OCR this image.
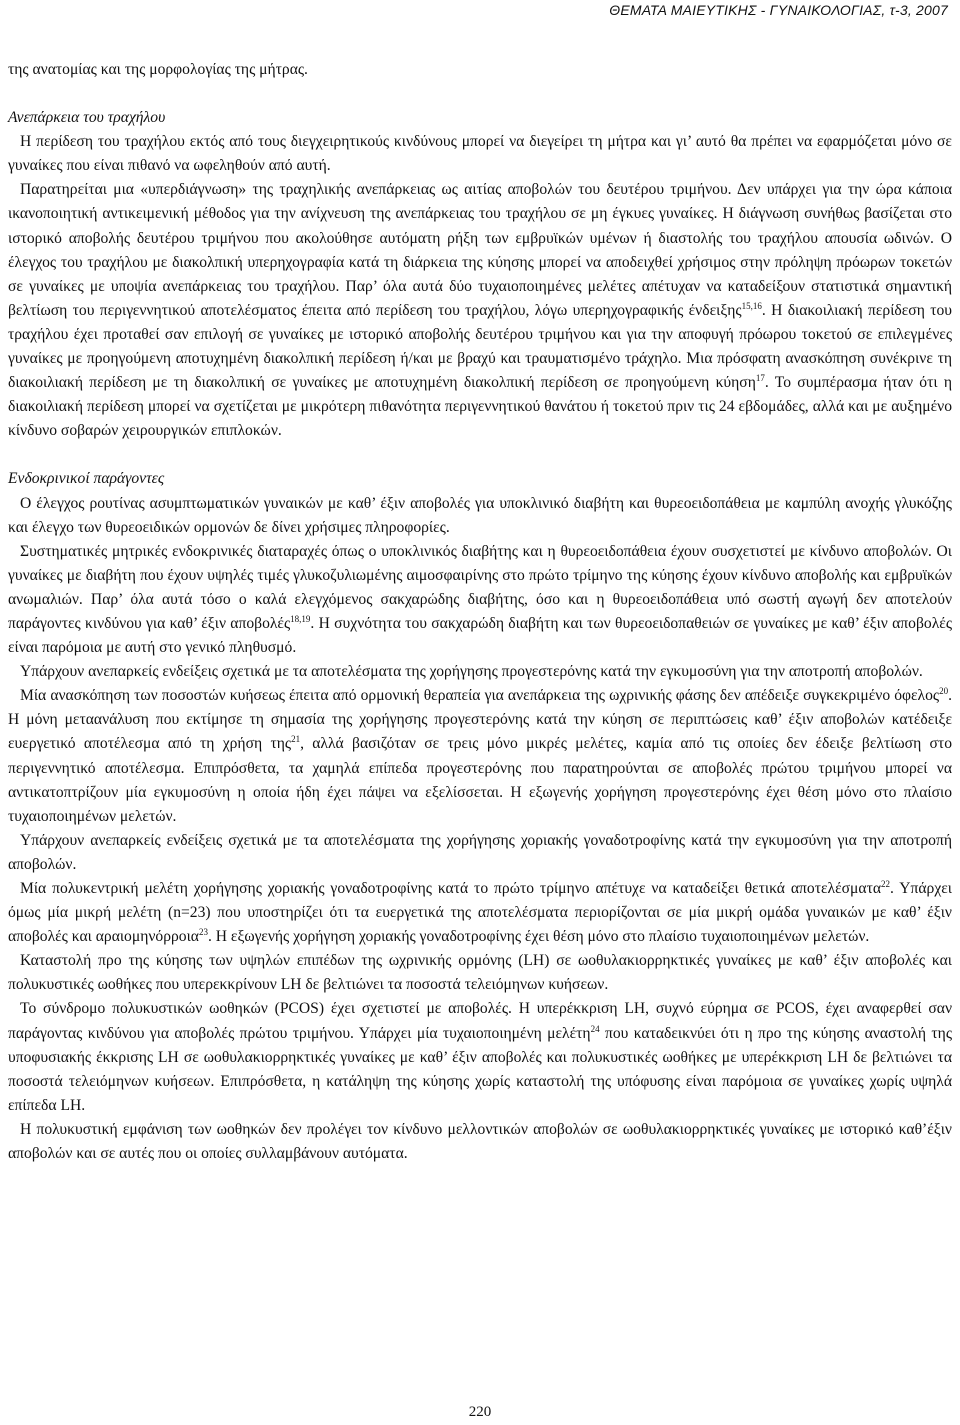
ΘΕΜΑΤΑ ΜΑΙΕΥΤΙΚΗΣ - ΓΥΝΑΙΚΟΛΟΓΙΑΣ, τ-3, 2007

της ανατομίας και της μορφολογίας της μήτρας.

Ανεπάρκεια του τραχήλου

Η περίδεση του τραχήλου εκτός από τους διεγχειρητικούς κινδύνους μπορεί να διεγείρει τη μήτρα και γι’ αυτό θα πρέπει να εφαρμόζεται μόνο σε γυναίκες που είναι πιθανό να ωφεληθούν από αυτή.

Παρατηρείται μια «υπερδιάγνωση» της τραχηλικής ανεπάρκειας ως αιτίας αποβολών του δευτέρου τριμήνου. Δεν υπάρχει για την ώρα κάποια ικανοποιητική αντικειμενική μέθοδος για την ανίχνευση της ανεπάρκειας του τραχήλου σε μη έγκυες γυναίκες. Η διάγνωση συνήθως βασίζεται στο ιστορικό αποβολής δευτέρου τριμήνου που ακολούθησε αυτόματη ρήξη των εμβρυϊκών υμένων ή διαστολής του τραχήλου απουσία ωδινών. Ο έλεγχος του τραχήλου με διακολπική υπερηχογραφία κατά τη διάρκεια της κύησης μπορεί να αποδειχθεί χρήσιμος στην πρόληψη πρόωρων τοκετών σε γυναίκες με υποψία ανεπάρκειας του τραχήλου. Παρ’ όλα αυτά δύο τυχαιοποιημένες μελέτες απέτυχαν να καταδείξουν στατιστικά σημαντική βελτίωση του περιγεννητικού αποτελέσματος έπειτα από περίδεση του τραχήλου, λόγω υπερηχογραφικής ένδειξης$^{15,16}$. Η διακοιλιακή περίδεση του τραχήλου έχει προταθεί σαν επιλογή σε γυναίκες με ιστορικό αποβολής δευτέρου τριμήνου και για την αποφυγή πρόωρου τοκετού σε επιλεγμένες γυναίκες με προηγούμενη αποτυχημένη διακολπική περίδεση ή/και με βραχύ και τραυματισμένο τράχηλο. Μια πρόσφατη ανασκόπηση συνέκρινε τη διακοιλιακή περίδεση με τη διακολπική σε γυναίκες με αποτυχημένη διακολπική περίδεση σε προηγούμενη κύηση$^{17}$. Το συμπέρασμα ήταν ότι η διακοιλιακή περίδεση μπορεί να σχετίζεται με μικρότερη πιθανότητα περιγεννητικού θανάτου ή τοκετού πριν τις 24 εβδομάδες, αλλά και με αυξημένο κίνδυνο σοβαρών χειρουργικών επιπλοκών.

Ενδοκρινικοί παράγοντες

Ο έλεγχος ρουτίνας ασυμπτωματικών γυναικών με καθ’ έξιν αποβολές για υποκλινικό διαβήτη και θυρεοειδοπάθεια με καμπύλη ανοχής γλυκόζης και έλεγχο των θυρεοειδικών ορμονών δε δίνει χρήσιμες πληροφορίες.

Συστηματικές μητρικές ενδοκρινικές διαταραχές όπως ο υποκλινικός διαβήτης και η θυρεοειδοπάθεια έχουν συσχετιστεί με κίνδυνο αποβολών. Οι γυναίκες με διαβήτη που έχουν υψηλές τιμές γλυκοζυλιωμένης αιμοσφαιρίνης στο πρώτο τρίμηνο της κύησης έχουν κίνδυνο αποβολής και εμβρυϊκών ανωμαλιών. Παρ’ όλα αυτά τόσο ο καλά ελεγχόμενος σακχαρώδης διαβήτης, όσο και η θυρεοειδοπάθεια υπό σωστή αγωγή δεν αποτελούν παράγοντες κινδύνου για καθ’ έξιν αποβολές$^{18,19}$. Η συχνότητα του σακχαρώδη διαβήτη και των θυρεοειδοπαθειών σε γυναίκες με καθ’ έξιν αποβολές είναι παρόμοια με αυτή στο γενικό πληθυσμό.

Υπάρχουν ανεπαρκείς ενδείξεις σχετικά με τα αποτελέσματα της χορήγησης προγεστερόνης κατά την εγκυμοσύνη για την αποτροπή αποβολών.

Μία ανασκόπηση των ποσοστών κυήσεως έπειτα από ορμονική θεραπεία για ανεπάρκεια της ωχρινικής φάσης δεν απέδειξε συγκεκριμένο όφελος$^{20}$. Η μόνη μεταανάλυση που εκτίμησε τη σημασία της χορήγησης προγεστερόνης κατά την κύηση σε περιπτώσεις καθ’ έξιν αποβολών κατέδειξε ευεργετικό αποτέλεσμα από τη χρήση της$^{21}$, αλλά βασιζόταν σε τρεις μόνο μικρές μελέτες, καμία από τις οποίες δεν έδειξε βελτίωση στο περιγεννητικό αποτέλεσμα. Επιπρόσθετα, τα χαμηλά επίπεδα προγεστερόνης που παρατηρούνται σε αποβολές πρώτου τριμήνου μπορεί να αντικατοπτρίζουν μία εγκυμοσύνη η οποία ήδη έχει πάψει να εξελίσσεται. Η εξωγενής χορήγηση προγεστερόνης έχει θέση μόνο στο πλαίσιο τυχαιοποιημένων μελετών.

Υπάρχουν ανεπαρκείς ενδείξεις σχετικά με τα αποτελέσματα της χορήγησης χοριακής γοναδοτροφίνης κατά την εγκυμοσύνη για την αποτροπή αποβολών.

Μία πολυκεντρική μελέτη χορήγησης χοριακής γοναδοτροφίνης κατά το πρώτο τρίμηνο απέτυχε να καταδείξει θετικά αποτελέσματα$^{22}$. Υπάρχει όμως μία μικρή μελέτη (n=23) που υποστηρίζει ότι τα ευεργετικά της αποτελέσματα περιορίζονται σε μία μικρή ομάδα γυναικών με καθ’ έξιν αποβολές και αραιομηνόρροια$^{23}$. Η εξωγενής χορήγηση χοριακής γοναδοτροφίνης έχει θέση μόνο στο πλαίσιο τυχαιοποιημένων μελετών.

Καταστολή προ της κύησης των υψηλών επιπέδων της ωχρινικής ορμόνης (LH) σε ωοθυλακιορρηκτικές γυναίκες με καθ’ έξιν αποβολές και πολυκυστικές ωοθήκες που υπερεκκρίνουν LH δε βελτιώνει τα ποσοστά τελειόμηνων κυήσεων.

Το σύνδρομο πολυκυστικών ωοθηκών (PCOS) έχει σχετιστεί με αποβολές. Η υπερέκκριση LH, συχνό εύρημα σε PCOS, έχει αναφερθεί σαν παράγοντας κινδύνου για αποβολές πρώτου τριμήνου. Υπάρχει μία τυχαιοποιημένη μελέτη$^{24}$ που καταδεικνύει ότι η προ της κύησης αναστολή της υποφυσιακής έκκρισης LH σε ωοθυλακιορρηκτικές γυναίκες με καθ’ έξιν αποβολές και πολυκυστικές ωοθήκες με υπερέκκριση LH δε βελτιώνει τα ποσοστά τελειόμηνων κυήσεων. Επιπρόσθετα, η κατάληψη της κύησης χωρίς καταστολή της υπόφυσης είναι παρόμοια σε γυναίκες χωρίς υψηλά επίπεδα LH.

Η πολυκυστική εμφάνιση των ωοθηκών δεν προλέγει τον κίνδυνο μελλοντικών αποβολών σε ωοθυλακιορρηκτικές γυναίκες με ιστορικό καθ’έξιν αποβολών και σε αυτές που οι οποίες συλλαμβάνουν αυτόματα.

220
